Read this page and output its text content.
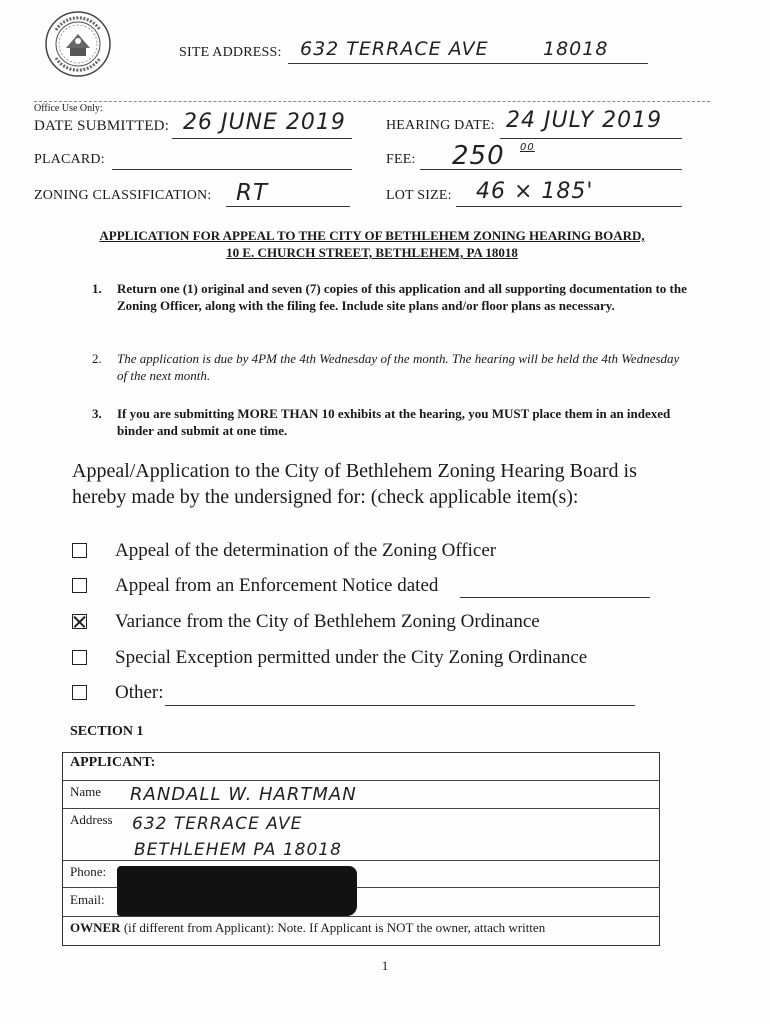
SITE ADDRESS: 632 TERRACE AVE	18018
Office Use Only:
DATE SUBMITTED: 26 JUNE 2019	HEARING DATE: 24 JULY 2019
PLACARD:	FEE: 250 00
ZONING CLASSIFICATION: RT	LOT SIZE: 46 × 185'
APPLICATION FOR APPEAL TO THE CITY OF BETHLEHEM ZONING HEARING BOARD,
10 E. CHURCH STREET, BETHLEHEM, PA 18018
1. Return one (1) original and seven (7) copies of this application and all supporting documentation to the Zoning Officer, along with the filing fee. Include site plans and/or floor plans as necessary.
2. The application is due by 4PM the 4th Wednesday of the month. The hearing will be held the 4th Wednesday of the next month.
3. If you are submitting MORE THAN 10 exhibits at the hearing, you MUST place them in an indexed binder and submit at one time.
Appeal/Application to the City of Bethlehem Zoning Hearing Board is hereby made by the undersigned for: (check applicable item(s):
Appeal of the determination of the Zoning Officer
Appeal from an Enforcement Notice dated
Variance from the City of Bethlehem Zoning Ordinance
Special Exception permitted under the City Zoning Ordinance
Other:
SECTION 1
APPLICANT:
Name RANDALL W. HARTMAN
Address 632 TERRACE AVE
BETHLEHEM PA 18018
Phone:
Email:
OWNER (if different from Applicant): Note. If Applicant is NOT the owner, attach written
1
